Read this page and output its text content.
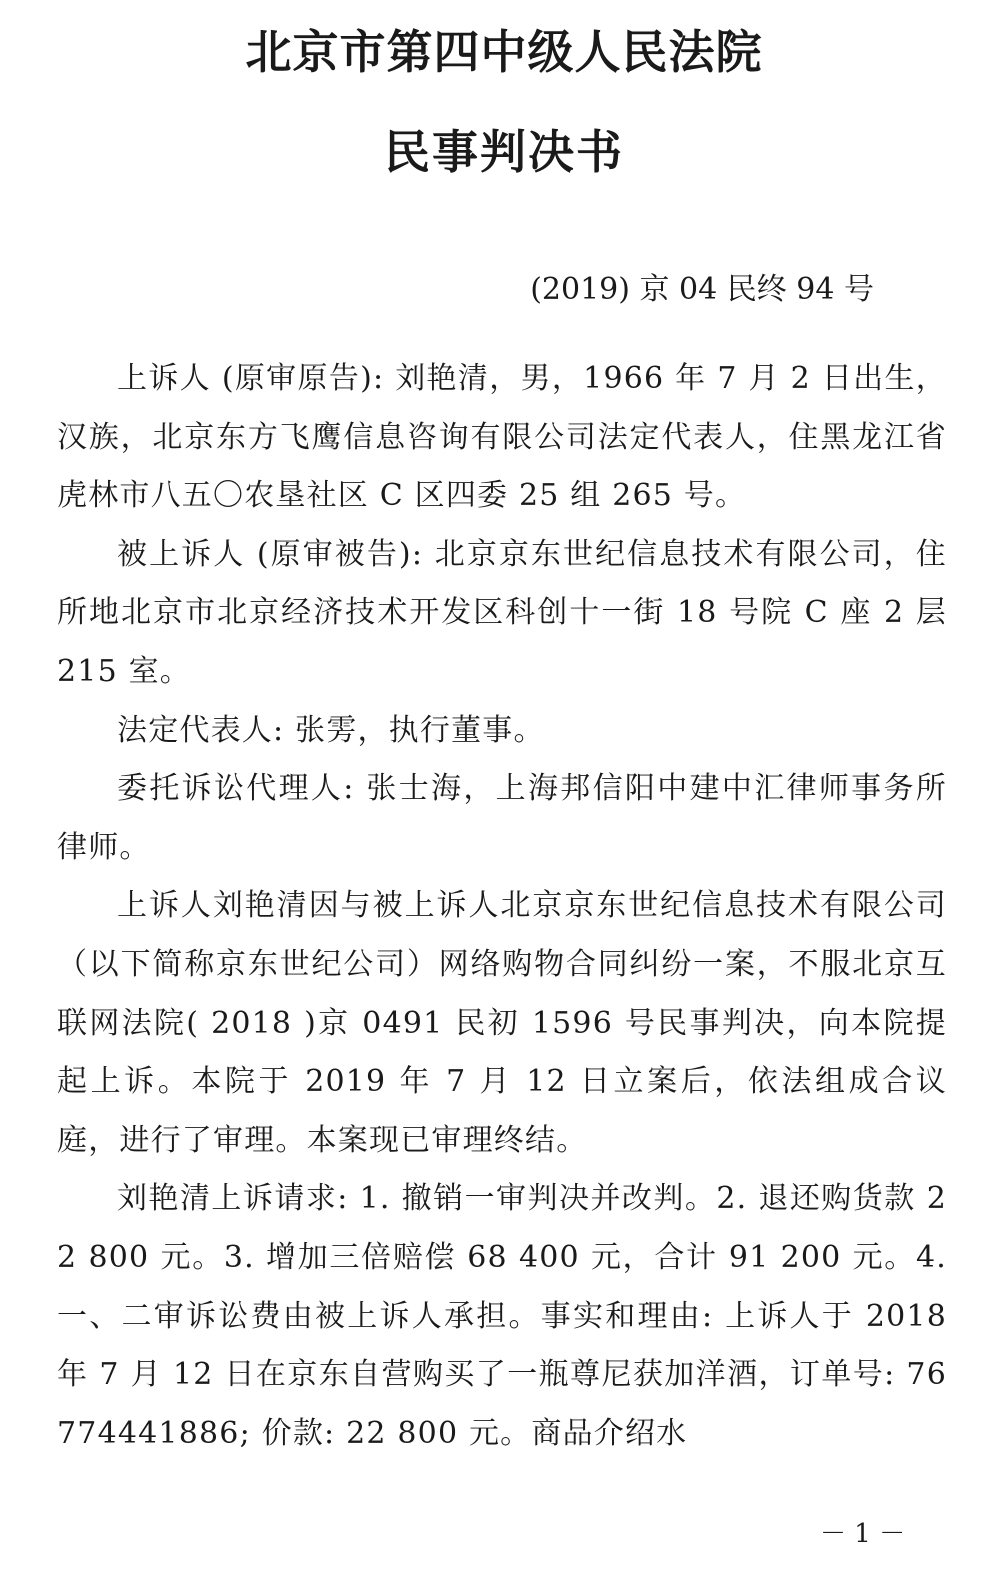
北京市第四中级人民法院
民事判决书
(2019) 京 04 民终 94 号

上诉人 (原审原告): 刘艳清，男，1966 年 7 月 2 日出生，汉族，北京东方飞鹰信息咨询有限公司法定代表人，住黑龙江省虎林市八五〇农垦社区 C 区四委 25 组 265 号。

被上诉人 (原审被告): 北京京东世纪信息技术有限公司，住所地北京市北京经济技术开发区科创十一街 18 号院 C 座 2 层 215 室。

法定代表人: 张雱，执行董事。

委托诉讼代理人: 张士海，上海邦信阳中建中汇律师事务所律师。

上诉人刘艳清因与被上诉人北京京东世纪信息技术有限公司（以下简称京东世纪公司）网络购物合同纠纷一案，不服北京互联网法院( 2018 )京 0491 民初 1596 号民事判决，向本院提起上诉。本院于 2019 年 7 月 12 日立案后，依法组成合议庭，进行了审理。本案现已审理终结。

刘艳清上诉请求: 1. 撤销一审判决并改判。2. 退还购货款 22 800 元。3. 增加三倍赔偿 68 400 元，合计 91 200 元。4.　一、二审诉讼费由被上诉人承担。事实和理由: 上诉人于 2018 年 7 月 12 日在京东自营购买了一瓶尊尼获加洋酒，订单号: 76774441886; 价款: 22 800 元。商品介绍水

－ 1 －
